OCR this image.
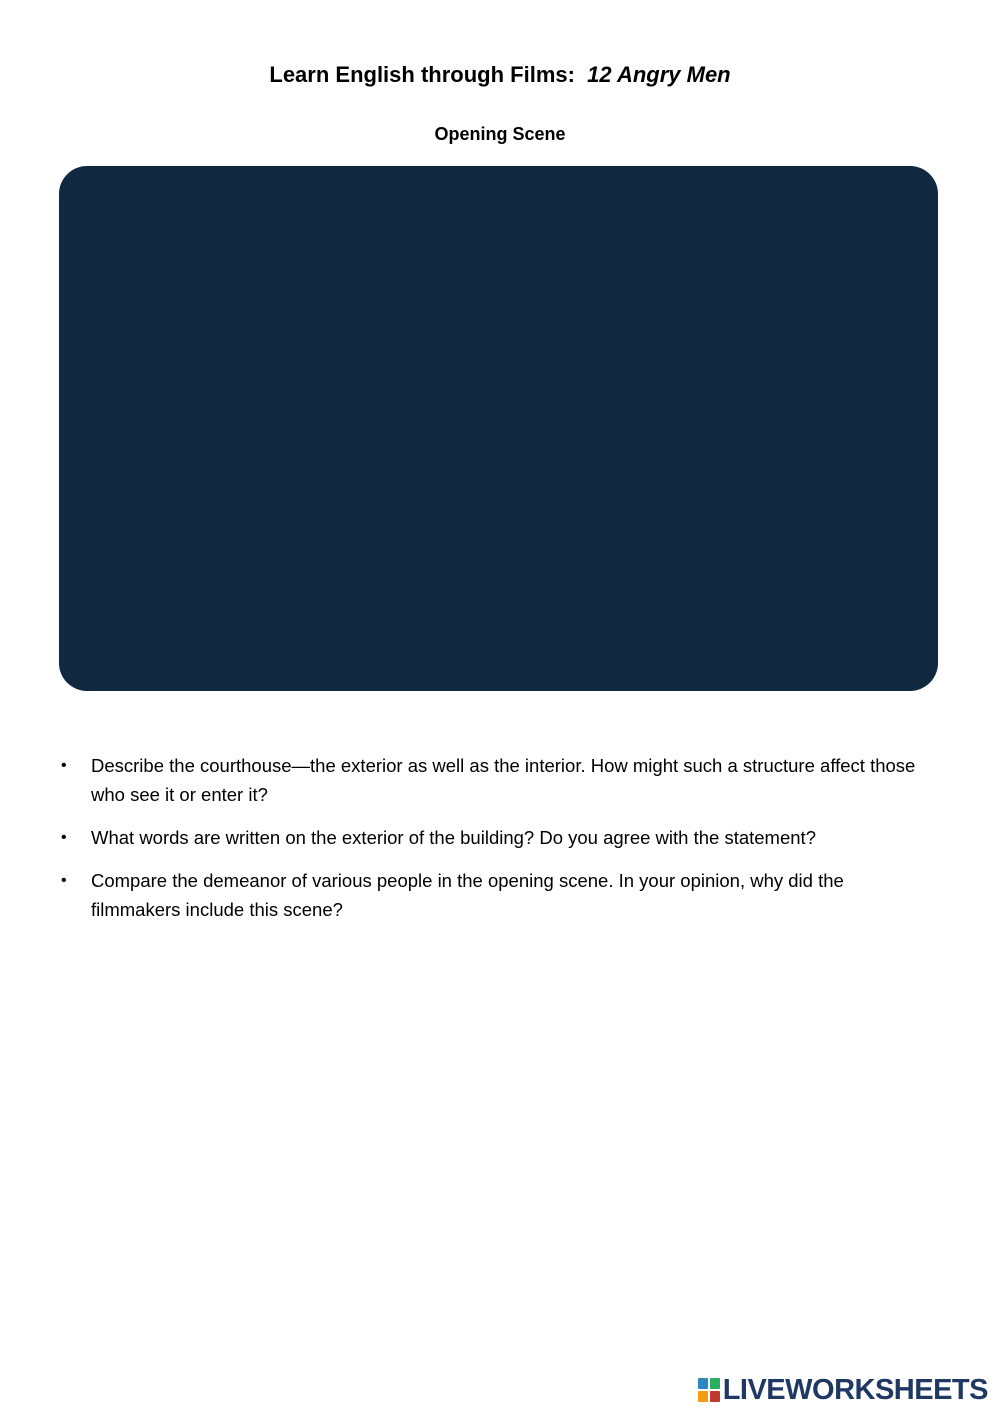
Learn English through Films: 12 Angry Men
Opening Scene
• Describe the courthouse—the exterior as well as the interior. How might such a structure affect those who see it or enter it?
• What words are written on the exterior of the building? Do you agree with the statement?
• Compare the demeanor of various people in the opening scene. In your opinion, why did the filmmakers include this scene?
LIVEWORKSHEETS
